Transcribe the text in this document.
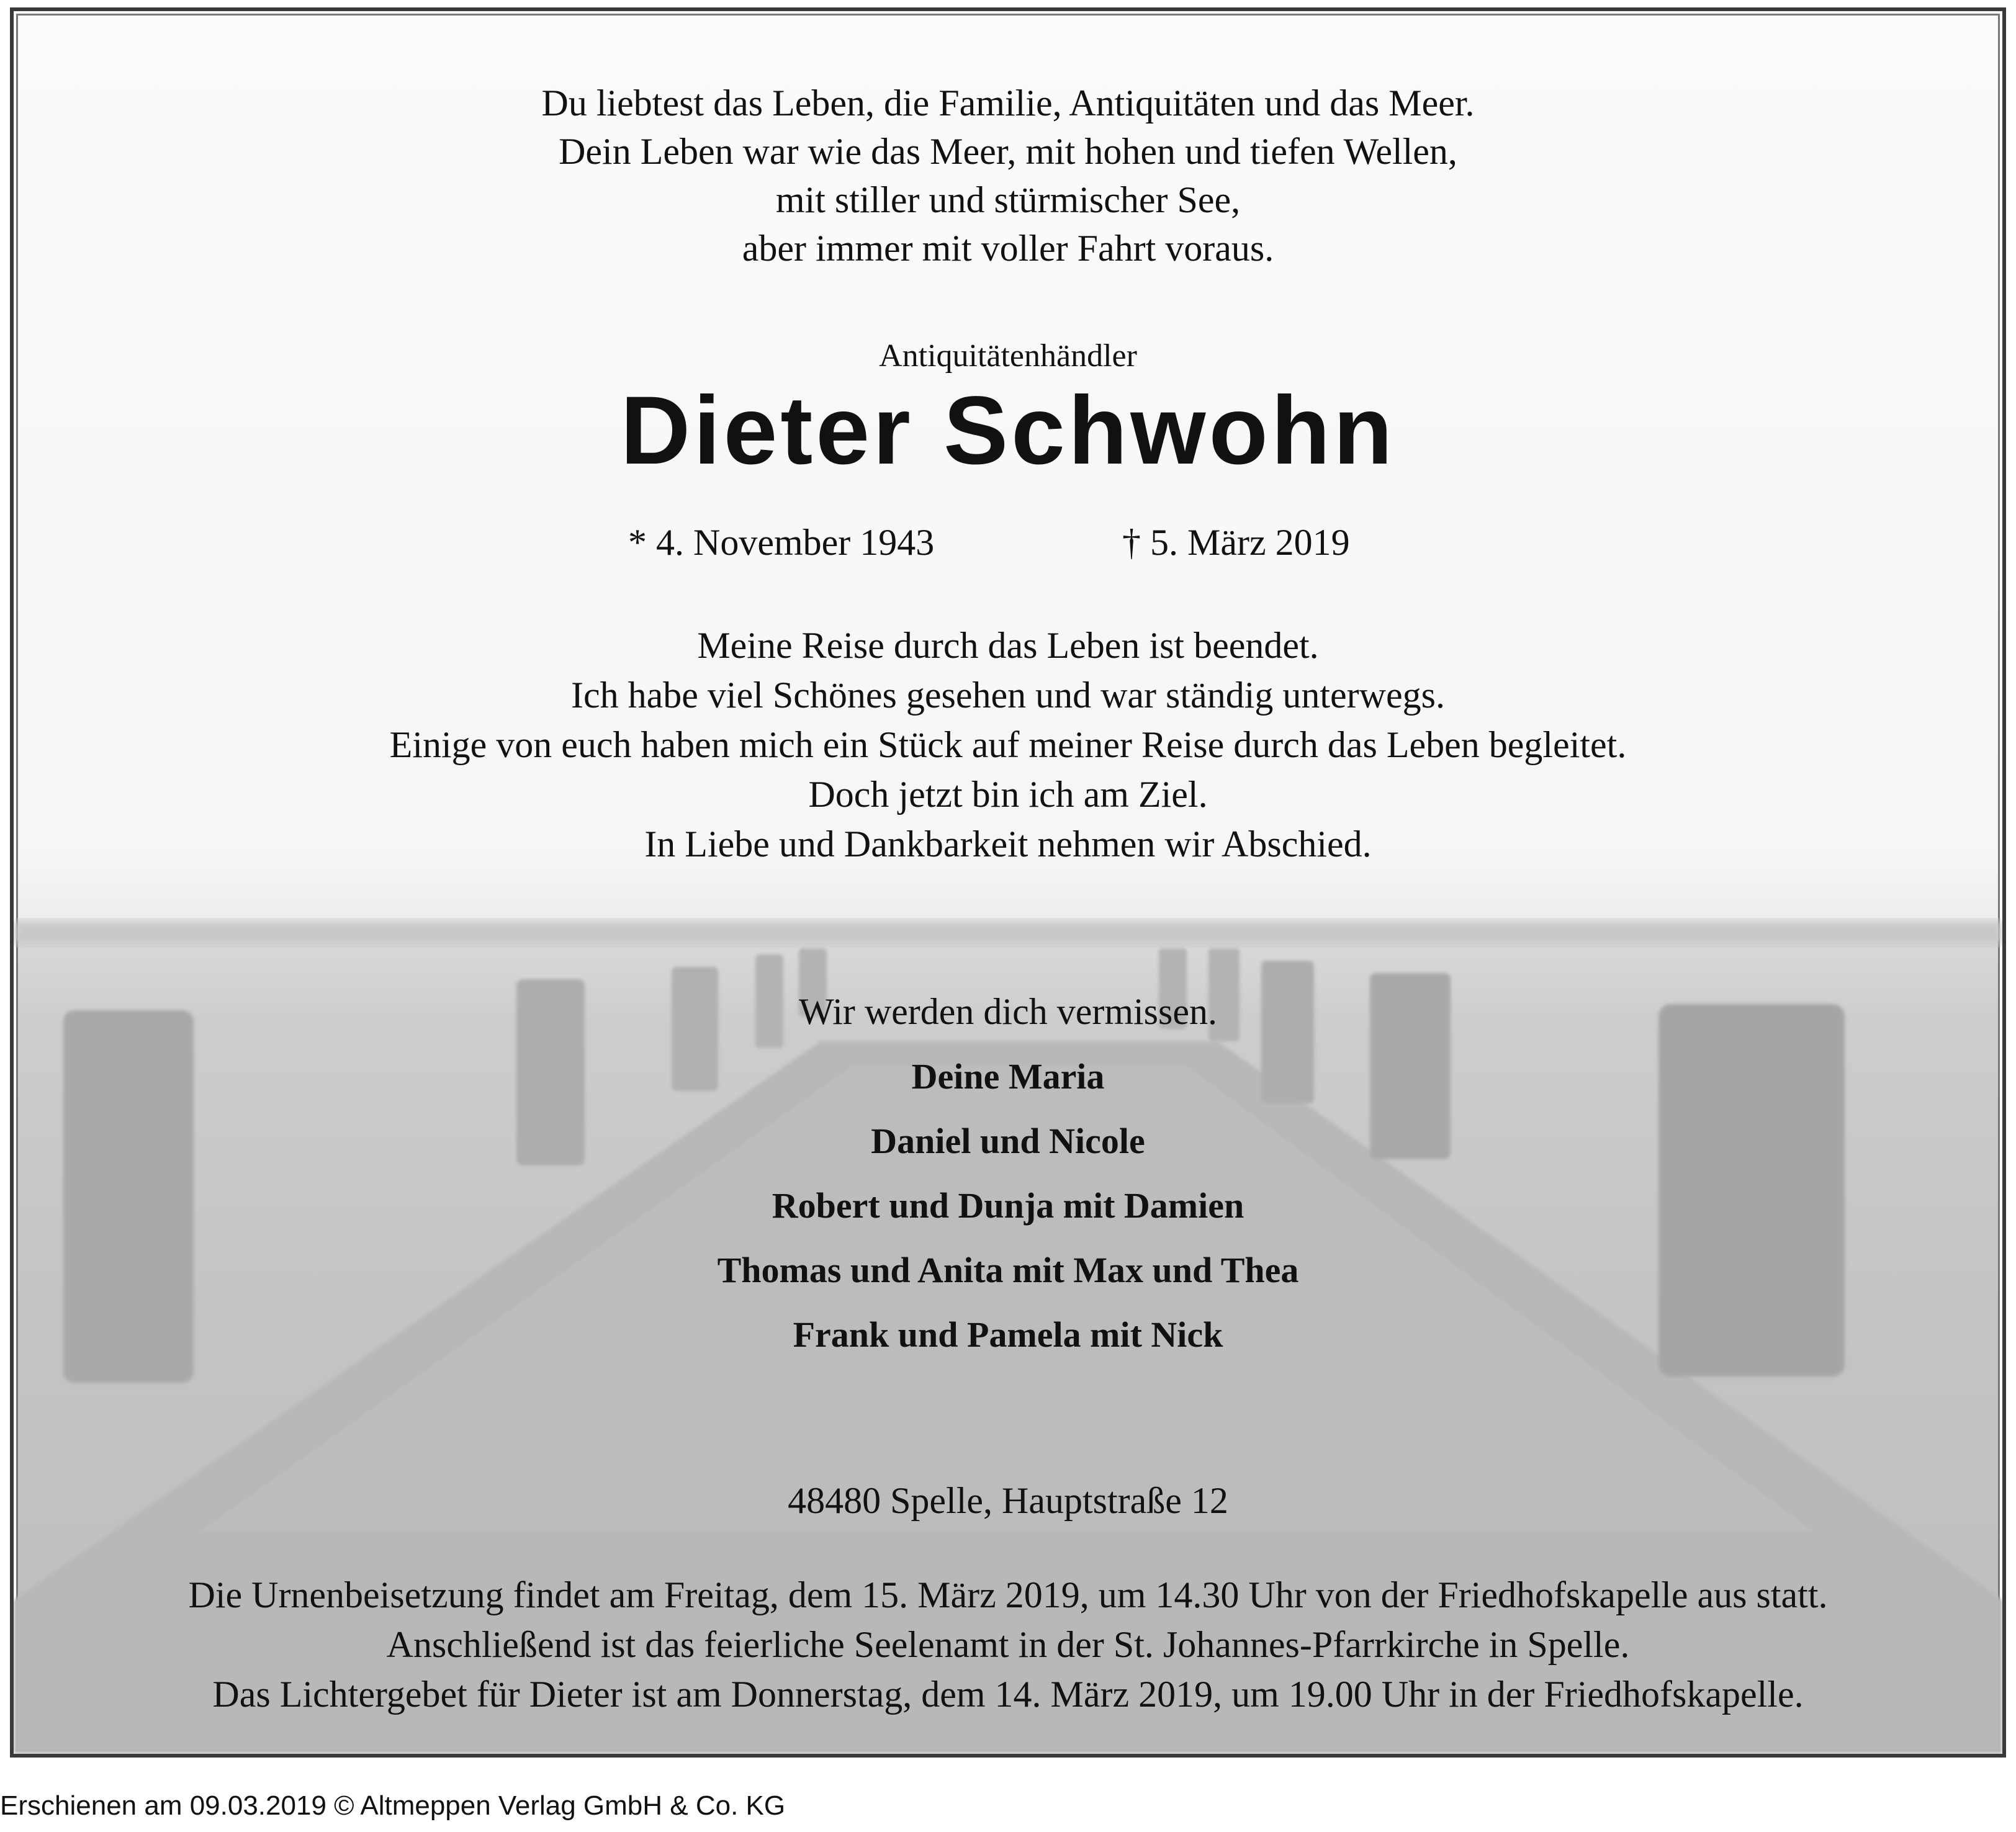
Du liebtest das Leben, die Familie, Antiquitäten und das Meer.
Dein Leben war wie das Meer, mit hohen und tiefen Wellen,
mit stiller und stürmischer See,
aber immer mit voller Fahrt voraus.
Antiquitätenhändler
Dieter Schwohn
* 4. November 1943	† 5. März 2019
Meine Reise durch das Leben ist beendet.
Ich habe viel Schönes gesehen und war ständig unterwegs.
Einige von euch haben mich ein Stück auf meiner Reise durch das Leben begleitet.
Doch jetzt bin ich am Ziel.
In Liebe und Dankbarkeit nehmen wir Abschied.
Wir werden dich vermissen.
Deine Maria
Daniel und Nicole
Robert und Dunja mit Damien
Thomas und Anita mit Max und Thea
Frank und Pamela mit Nick
48480 Spelle, Hauptstraße 12
Die Urnenbeisetzung findet am Freitag, dem 15. März 2019, um 14.30 Uhr von der Friedhofskapelle aus statt.
Anschließend ist das feierliche Seelenamt in der St. Johannes-Pfarrkirche in Spelle.
Das Lichtergebet für Dieter ist am Donnerstag, dem 14. März 2019, um 19.00 Uhr in der Friedhofskapelle.
Erschienen am 09.03.2019 © Altmeppen Verlag GmbH & Co. KG
